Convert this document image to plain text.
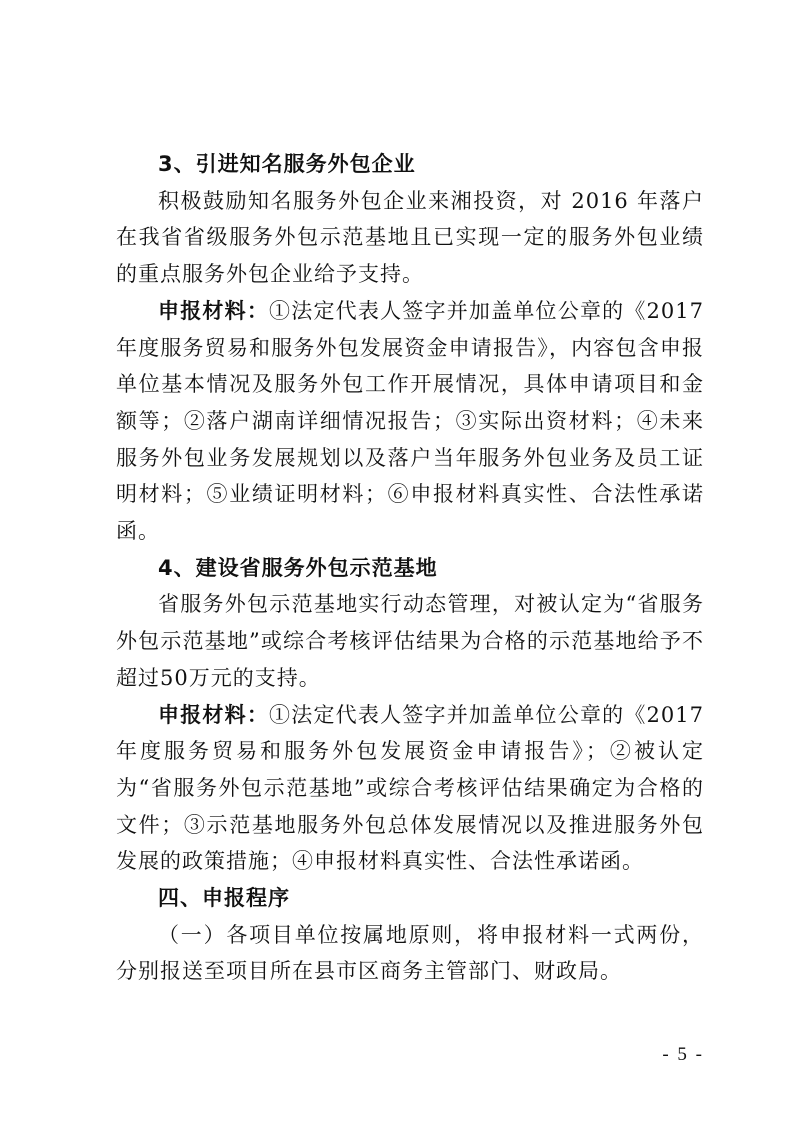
3、引进知名服务外包企业

积极鼓励知名服务外包企业来湘投资，对 2016 年落户在我省省级服务外包示范基地且已实现一定的服务外包业绩的重点服务外包企业给予支持。

申报材料：①法定代表人签字并加盖单位公章的《2017 年度服务贸易和服务外包发展资金申请报告》，内容包含申报单位基本情况及服务外包工作开展情况，具体申请项目和金额等；②落户湖南详细情况报告；③实际出资材料；④未来服务外包业务发展规划以及落户当年服务外包业务及员工证明材料；⑤业绩证明材料；⑥申报材料真实性、合法性承诺函。

4、建设省服务外包示范基地

省服务外包示范基地实行动态管理，对被认定为“省服务外包示范基地”或综合考核评估结果为合格的示范基地给予不超过50万元的支持。

申报材料：①法定代表人签字并加盖单位公章的《2017 年度服务贸易和服务外包发展资金申请报告》；②被认定为“省服务外包示范基地”或综合考核评估结果确定为合格的文件；③示范基地服务外包总体发展情况以及推进服务外包发展的政策措施；④申报材料真实性、合法性承诺函。

四、申报程序

（一）各项目单位按属地原则，将申报材料一式两份，分别报送至项目所在县市区商务主管部门、财政局。

- 5 -
